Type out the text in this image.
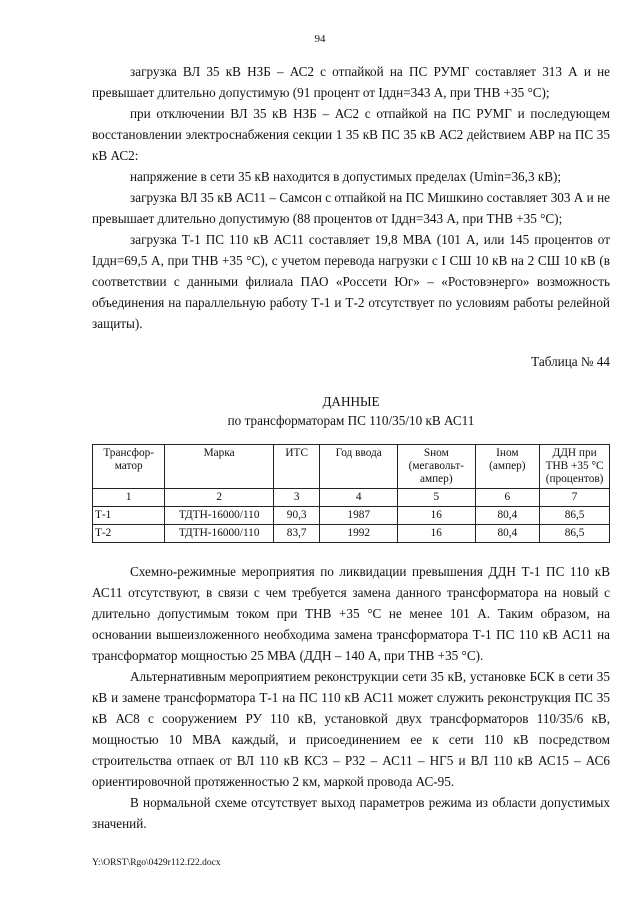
94

загрузка ВЛ 35 кВ НЗБ – АС2 с отпайкой на ПС РУМГ составляет 313 А и не превышает длительно допустимую (91 процент от Iддн=343 А, при ТНВ +35 °С);

при отключении ВЛ 35 кВ НЗБ – АС2 с отпайкой на ПС РУМГ и последующем восстановлении электроснабжения секции 1 35 кВ ПС 35 кВ АС2 действием АВР на ПС 35 кВ АС2:

напряжение в сети 35 кВ находится в допустимых пределах (Umin=36,3 кВ);

загрузка ВЛ 35 кВ АС11 – Самсон с отпайкой на ПС Мишкино составляет 303 А и не превышает длительно допустимую (88 процентов от Iддн=343 А, при ТНВ +35 °С);

загрузка Т-1 ПС 110 кВ АС11 составляет 19,8 МВА (101 А, или 145 процентов от Iддн=69,5 А, при ТНВ +35 °С), с учетом перевода нагрузки с I СШ 10 кВ на 2 СШ 10 кВ (в соответствии с данными филиала ПАО «Россети Юг» – «Ростовэнерго» возможность объединения на параллельную работу Т-1 и Т-2 отсутствует по условиям работы релейной защиты).

Таблица № 44

ДАННЫЕ
по трансформаторам ПС 110/35/10 кВ АС11
Трансфор-матор	Марка	ИТС	Год ввода	Sном (мегавольт-ампер)	Iном (ампер)	ДДН при ТНВ +35 °С (процентов)
1	2	3	4	5	6	7
Т-1	ТДТН-16000/110	90,3	1987	16	80,4	86,5
Т-2	ТДТН-16000/110	83,7	1992	16	80,4	86,5

Схемно-режимные мероприятия по ликвидации превышения ДДН Т-1 ПС 110 кВ АС11 отсутствуют, в связи с чем требуется замена данного трансформатора на новый с длительно допустимым током при ТНВ +35 °С не менее 101 А. Таким образом, на основании вышеизложенного необходима замена трансформатора Т-1 ПС 110 кВ АС11 на трансформатор мощностью 25 МВА (ДДН – 140 А, при ТНВ +35 °С).

Альтернативным мероприятием реконструкции сети 35 кВ, установке БСК в сети 35 кВ и замене трансформатора Т-1 на ПС 110 кВ АС11 может служить реконструкция ПС 35 кВ АС8 с сооружением РУ 110 кВ, установкой двух трансформаторов 110/35/6 кВ, мощностью 10 МВА каждый, и присоединением ее к сети 110 кВ посредством строительства отпаек от ВЛ 110 кВ КС3 – Р32 – АС11 – НГ5 и ВЛ 110 кВ АС15 – АС6 ориентировочной протяженностью 2 км, маркой провода АС-95.

В нормальной схеме отсутствует выход параметров режима из области допустимых значений.

Y:\ORST\Rgo\0429r112.f22.docx
